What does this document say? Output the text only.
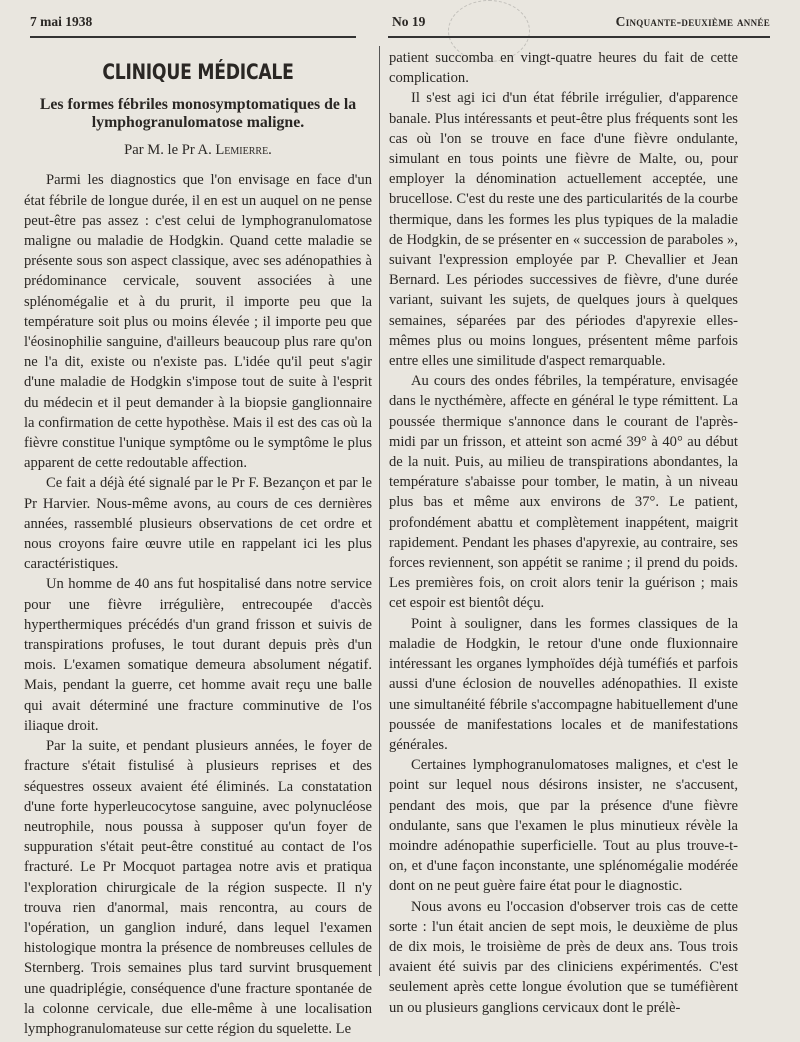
7 mai 1938	No 19	Cinquante-deuxième année
CLINIQUE MÉDICALE
Les formes fébriles monosymptomatiques de la lymphogranulomatose maligne.
Par M. le Pr A. Lemierre.

Parmi les diagnostics que l'on envisage en face d'un état fébrile de longue durée, il en est un auquel on ne pense peut-être pas assez : c'est celui de lymphogranulomatose maligne ou maladie de Hodgkin. Quand cette maladie se présente sous son aspect classique, avec ses adénopathies à prédominance cervicale, souvent associées à une splénomégalie et à du prurit, il importe peu que la température soit plus ou moins élevée ; il importe peu que l'éosinophilie sanguine, d'ailleurs beaucoup plus rare qu'on ne l'a dit, existe ou n'existe pas. L'idée qu'il peut s'agir d'une maladie de Hodgkin s'impose tout de suite à l'esprit du médecin et il peut demander à la biopsie ganglionnaire la confirmation de cette hypothèse. Mais il est des cas où la fièvre constitue l'unique symptôme ou le symptôme le plus apparent de cette redoutable affection.

Ce fait a déjà été signalé par le Pr F. Bezançon et par le Pr Harvier. Nous-même avons, au cours de ces dernières années, rassemblé plusieurs observations de cet ordre et nous croyons faire œuvre utile en rappelant ici les plus caractéristiques.

Un homme de 40 ans fut hospitalisé dans notre service pour une fièvre irrégulière, entrecoupée d'accès hyperthermiques précédés d'un grand frisson et suivis de transpirations profuses, le tout durant depuis près d'un mois. L'examen somatique demeura absolument négatif. Mais, pendant la guerre, cet homme avait reçu une balle qui avait déterminé une fracture comminutive de l'os iliaque droit.

Par la suite, et pendant plusieurs années, le foyer de fracture s'était fistulisé à plusieurs reprises et des séquestres osseux avaient été éliminés. La constatation d'une forte hyperleucocytose sanguine, avec polynucléose neutrophile, nous poussa à supposer qu'un foyer de suppuration s'était peut-être constitué au contact de l'os fracturé. Le Pr Mocquot partagea notre avis et pratiqua l'exploration chirurgicale de la région suspecte. Il n'y trouva rien d'anormal, mais rencontra, au cours de l'opération, un ganglion induré, dans lequel l'examen histologique montra la présence de nombreuses cellules de Sternberg. Trois semaines plus tard survint brusquement une quadriplégie, conséquence d'une fracture spontanée de la colonne cervicale, due elle-même à une localisation lymphogranulomateuse sur cette région du squelette. Le

patient succomba en vingt-quatre heures du fait de cette complication.

Il s'est agi ici d'un état fébrile irrégulier, d'apparence banale. Plus intéressants et peut-être plus fréquents sont les cas où l'on se trouve en face d'une fièvre ondulante, simulant en tous points une fièvre de Malte, ou, pour employer la dénomination actuellement acceptée, une brucellose. C'est du reste une des particularités de la courbe thermique, dans les formes les plus typiques de la maladie de Hodgkin, de se présenter en « succession de paraboles », suivant l'expression employée par P. Chevallier et Jean Bernard. Les périodes successives de fièvre, d'une durée variant, suivant les sujets, de quelques jours à quelques semaines, séparées par des périodes d'apyrexie elles-mêmes plus ou moins longues, présentent même parfois entre elles une similitude d'aspect remarquable.

Au cours des ondes fébriles, la température, envisagée dans le nycthémère, affecte en général le type rémittent. La poussée thermique s'annonce dans le courant de l'après-midi par un frisson, et atteint son acmé 39° à 40° au début de la nuit. Puis, au milieu de transpirations abondantes, la température s'abaisse pour tomber, le matin, à un niveau plus bas et même aux environs de 37°. Le patient, profondément abattu et complètement inappétent, maigrit rapidement. Pendant les phases d'apyrexie, au contraire, ses forces reviennent, son appétit se ranime ; il prend du poids. Les premières fois, on croit alors tenir la guérison ; mais cet espoir est bientôt déçu.

Point à souligner, dans les formes classiques de la maladie de Hodgkin, le retour d'une onde fluxionnaire intéressant les organes lymphoïdes déjà tuméfiés et parfois aussi d'une éclosion de nouvelles adénopathies. Il existe une simultanéité fébrile s'accompagne habituellement d'une poussée de manifestations locales et de manifestations générales.

Certaines lymphogranulomatoses malignes, et c'est le point sur lequel nous désirons insister, ne s'accusent, pendant des mois, que par la présence d'une fièvre ondulante, sans que l'examen le plus minutieux révèle la moindre adénopathie superficielle. Tout au plus trouve-t-on, et d'une façon inconstante, une splénomégalie modérée dont on ne peut guère faire état pour le diagnostic.

Nous avons eu l'occasion d'observer trois cas de cette sorte : l'un était ancien de sept mois, le deuxième de plus de dix mois, le troisième de près de deux ans. Tous trois avaient été suivis par des cliniciens expérimentés. C'est seulement après cette longue évolution que se tuméfièrent un ou plusieurs ganglions cervicaux dont le prélè-
